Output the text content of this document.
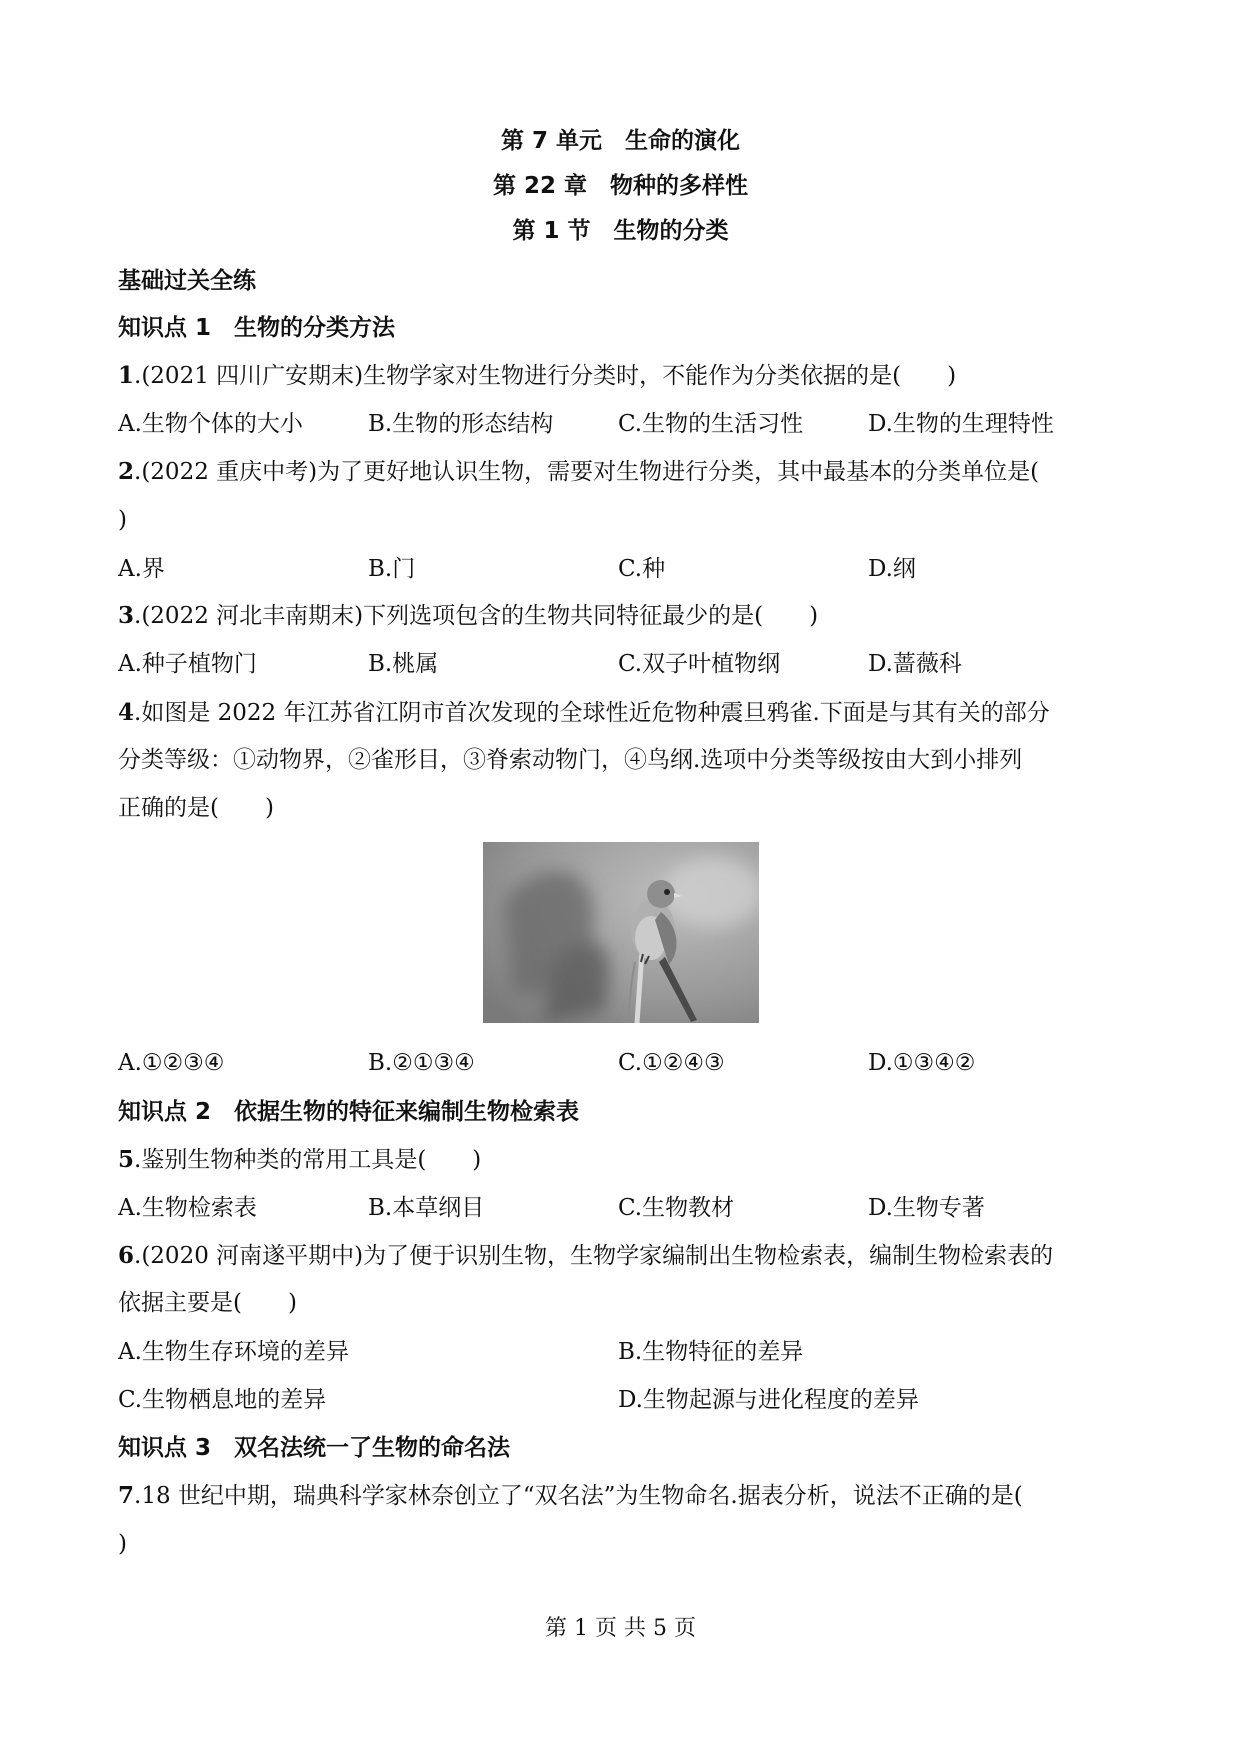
第 7 单元　生命的演化
第 22 章　物种的多样性
第 1 节　生物的分类
基础过关全练
知识点 1　生物的分类方法
1.(2021 四川广安期末)生物学家对生物进行分类时，不能作为分类依据的是(　　)
A.生物个体的大小	B.生物的形态结构	C.生物的生活习性	D.生物的生理特性
2.(2022 重庆中考)为了更好地认识生物，需要对生物进行分类，其中最基本的分类单位是(
)
A.界	B.门	C.种	D.纲
3.(2022 河北丰南期末)下列选项包含的生物共同特征最少的是(　　)
A.种子植物门	B.桃属	C.双子叶植物纲	D.蔷薇科
4.如图是 2022 年江苏省江阴市首次发现的全球性近危物种震旦鸦雀.下面是与其有关的部分
分类等级：①动物界，②雀形目，③脊索动物门，④鸟纲.选项中分类等级按由大到小排列
正确的是(　　)
A.①②③④	B.②①③④	C.①②④③	D.①③④②
知识点 2　依据生物的特征来编制生物检索表
5.鉴别生物种类的常用工具是(　　)
A.生物检索表	B.本草纲目	C.生物教材	D.生物专著
6.(2020 河南遂平期中)为了便于识别生物，生物学家编制出生物检索表，编制生物检索表的
依据主要是(　　)
A.生物生存环境的差异	B.生物特征的差异
C.生物栖息地的差异	D.生物起源与进化程度的差异
知识点 3　双名法统一了生物的命名法
7.18 世纪中期，瑞典科学家林奈创立了“双名法”为生物命名.据表分析，说法不正确的是(
)
第 1 页 共 5 页
